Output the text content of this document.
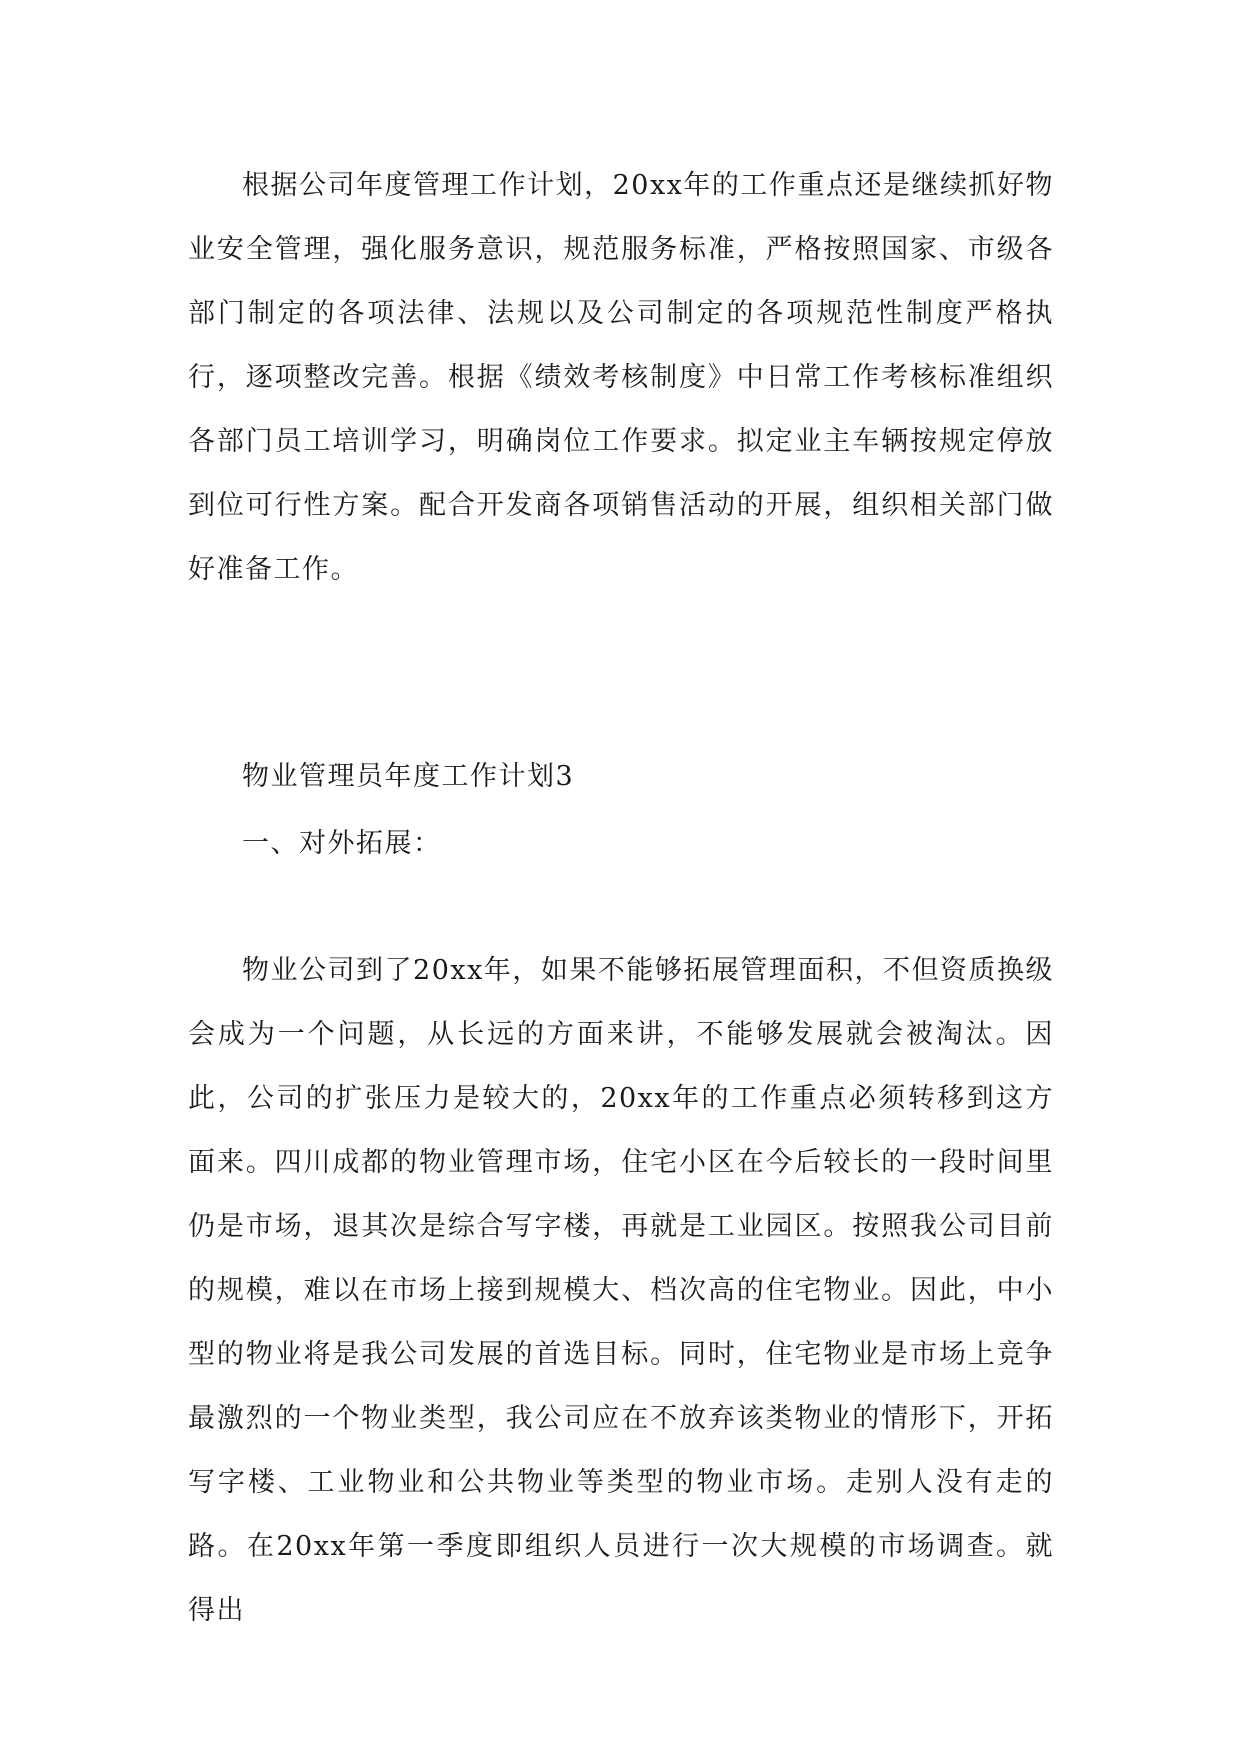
根据公司年度管理工作计划，20xx年的工作重点还是继续抓好物业安全管理，强化服务意识，规范服务标准，严格按照国家、市级各部门制定的各项法律、法规以及公司制定的各项规范性制度严格执行，逐项整改完善。根据《绩效考核制度》中日常工作考核标准组织各部门员工培训学习，明确岗位工作要求。拟定业主车辆按规定停放到位可行性方案。配合开发商各项销售活动的开展，组织相关部门做好准备工作。

物业管理员年度工作计划3

一、对外拓展：

物业公司到了20xx年，如果不能够拓展管理面积，不但资质换级会成为一个问题，从长远的方面来讲，不能够发展就会被淘汰。因此，公司的扩张压力是较大的，20xx年的工作重点必须转移到这方面来。四川成都的物业管理市场，住宅小区在今后较长的一段时间里仍是市场，退其次是综合写字楼，再就是工业园区。按照我公司目前的规模，难以在市场上接到规模大、档次高的住宅物业。因此，中小型的物业将是我公司发展的首选目标。同时，住宅物业是市场上竞争最激烈的一个物业类型，我公司应在不放弃该类物业的情形下，开拓写字楼、工业物业和公共物业等类型的物业市场。走别人没有走的路。在20xx年第一季度即组织人员进行一次大规模的市场调查。就得出
